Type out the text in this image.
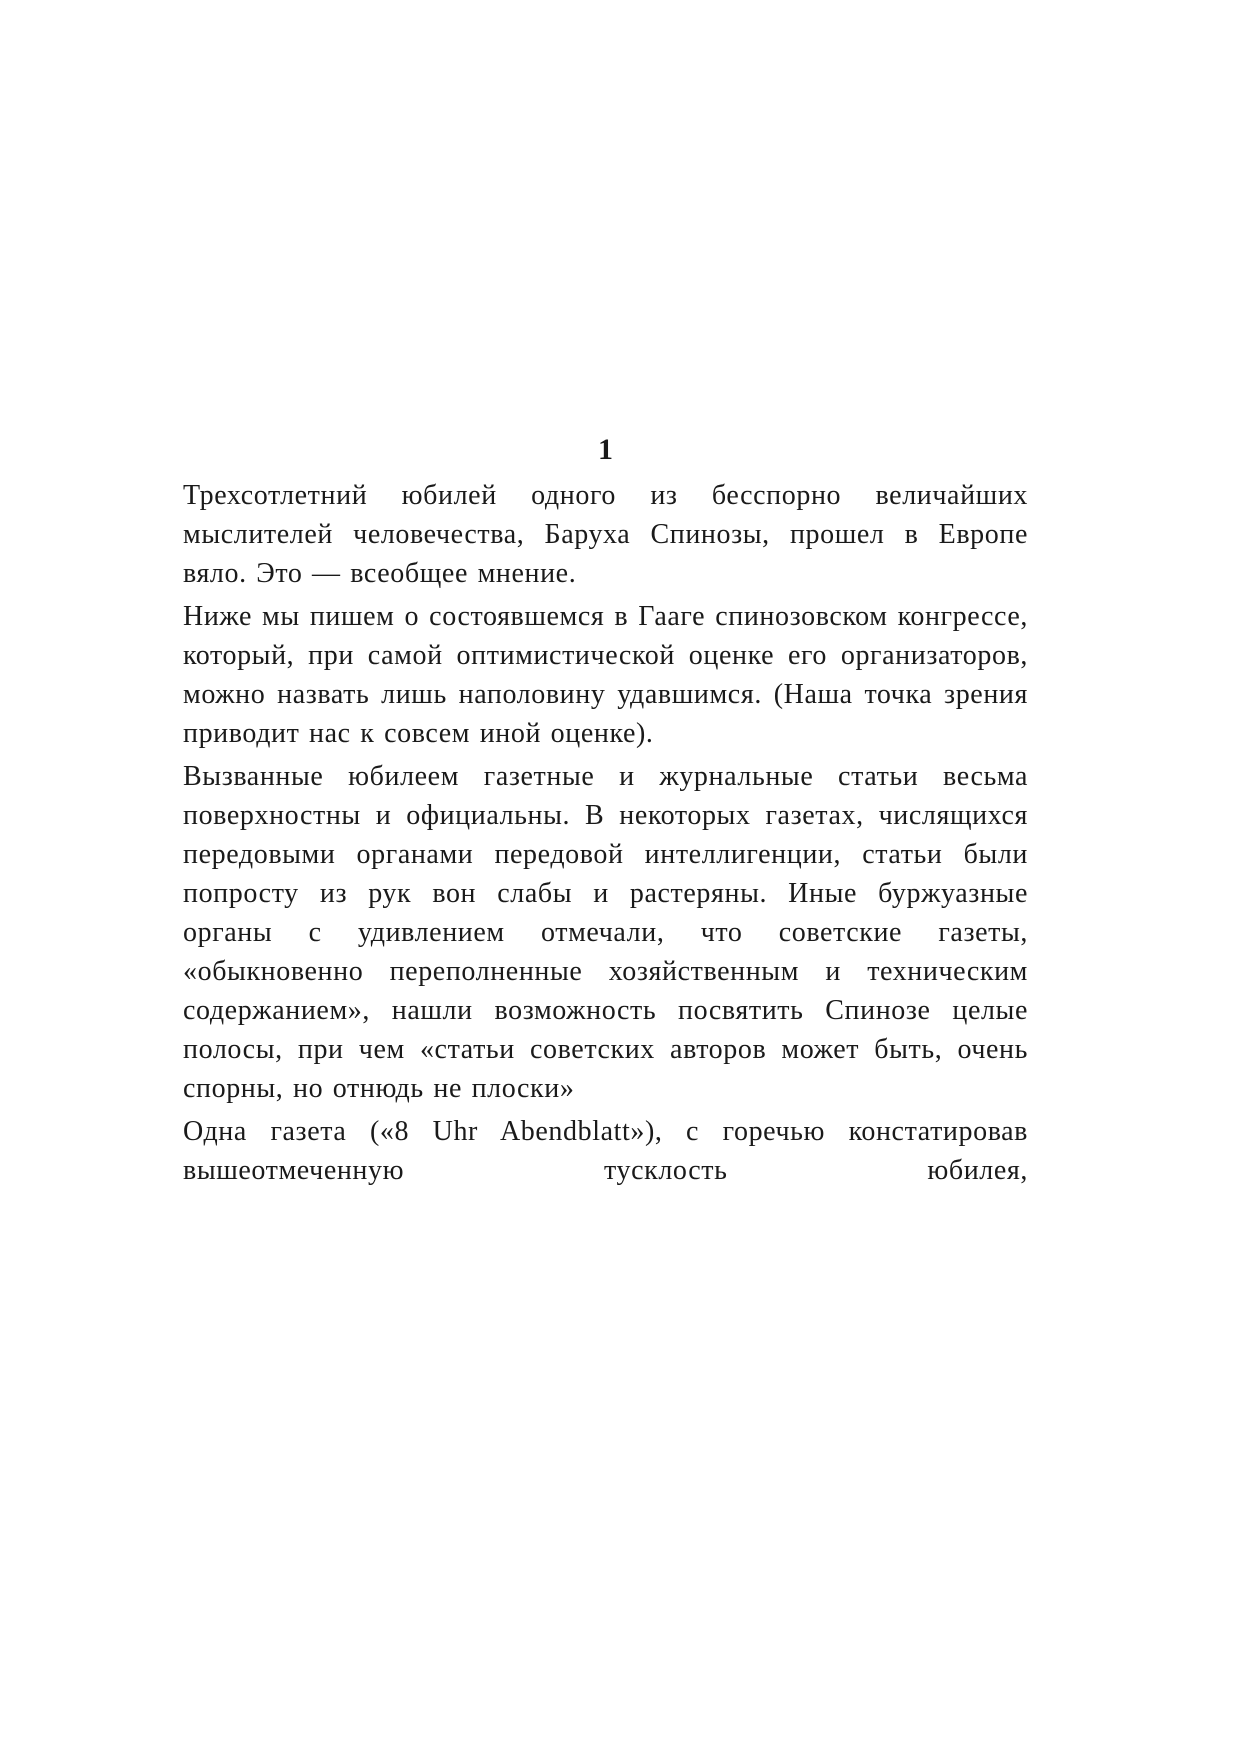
1

Трехсотлетний юбилей одного из бесспорно величайших мыслителей человечества, Баруха Спинозы, прошел в Европе вяло. Это — всеобщее мнение.

Ниже мы пишем о состоявшемся в Гааге спинозовском конгрессе, который, при самой оптимистической оценке его организаторов, можно назвать лишь наполовину удавшимся. (Наша точка зрения приводит нас к совсем иной оценке).

Вызванные юбилеем газетные и журнальные статьи весьма поверхностны и официальны. В некоторых газетах, числящихся передовыми органами передовой интеллигенции, статьи были попросту из рук вон слабы и растеряны. Иные буржуазные органы с удивлением отмечали, что советские газеты, «обыкновенно переполненные хозяйственным и техническим содержанием», нашли возможность посвятить Спинозе целые полосы, при чем «статьи советских авторов может быть, очень спорны, но отнюдь не плоски»

Одна газета («8 Uhr Abendblatt»), с горечью констатировав вышеотмеченную тусклость юбилея,
